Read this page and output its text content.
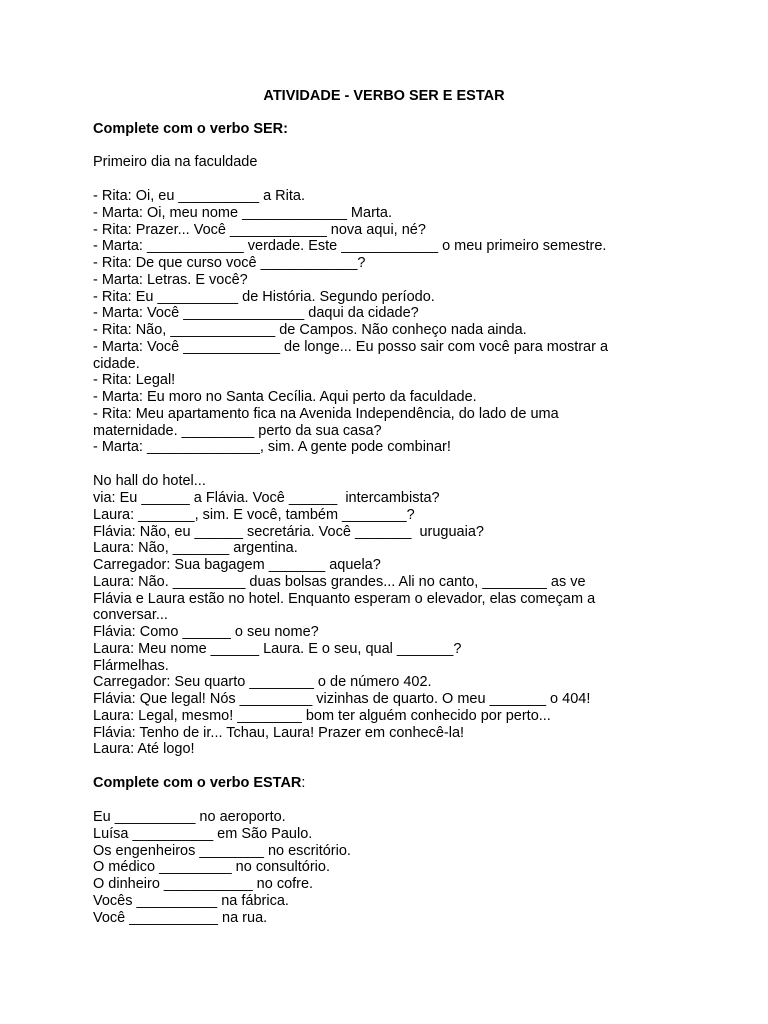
ATIVIDADE - VERBO SER E ESTAR
Complete com o verbo SER:
Primeiro dia na faculdade
- Rita: Oi, eu __________ a Rita.
- Marta: Oi, meu nome _____________ Marta.
- Rita: Prazer... Você ____________ nova aqui, né?
- Marta: ____________ verdade. Este ____________ o meu primeiro semestre.
- Rita: De que curso você ____________?
- Marta: Letras. E você?
- Rita: Eu __________ de História. Segundo período.
- Marta: Você _______________ daqui da cidade?
- Rita: Não, _____________ de Campos. Não conheço nada ainda.
- Marta: Você ____________ de longe... Eu posso sair com você para mostrar a
cidade.
- Rita: Legal!
- Marta: Eu moro no Santa Cecília. Aqui perto da faculdade.
- Rita: Meu apartamento fica na Avenida Independência, do lado de uma
maternidade. _________ perto da sua casa?
- Marta: ______________, sim. A gente pode combinar!
No hall do hotel...
via: Eu ______ a Flávia. Você ______  intercambista?
Laura: _______, sim. E você, também ________?
Flávia: Não, eu ______ secretária. Você _______  uruguaia?
Laura: Não, _______ argentina.
Carregador: Sua bagagem _______ aquela?
Laura: Não. _________ duas bolsas grandes... Ali no canto, ________ as ve
Flávia e Laura estão no hotel. Enquanto esperam o elevador, elas começam a
conversar...
Flávia: Como ______ o seu nome?
Laura: Meu nome ______ Laura. E o seu, qual _______?
Flármelhas.
Carregador: Seu quarto ________ o de número 402.
Flávia: Que legal! Nós _________ vizinhas de quarto. O meu _______ o 404!
Laura: Legal, mesmo! ________ bom ter alguém conhecido por perto...
Flávia: Tenho de ir... Tchau, Laura! Prazer em conhecê-la!
Laura: Até logo!
Complete com o verbo ESTAR:
Eu __________ no aeroporto.
Luísa __________ em São Paulo.
Os engenheiros ________ no escritório.
O médico _________ no consultório.
O dinheiro ___________ no cofre.
Vocês __________ na fábrica.
Você ___________ na rua.
